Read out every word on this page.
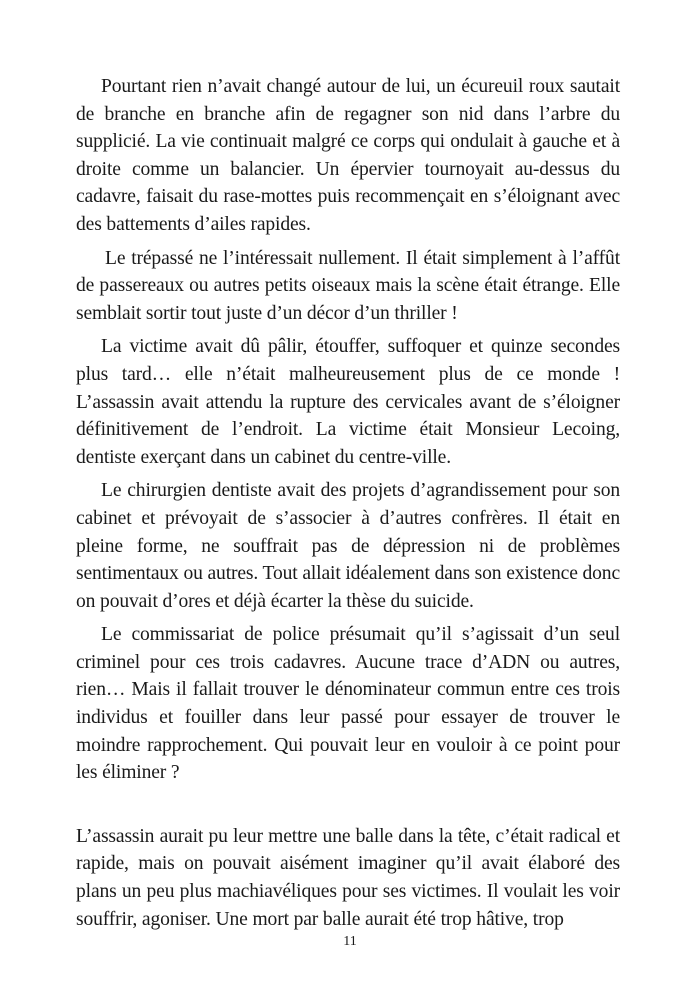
Pourtant rien n’avait changé autour de lui, un écureuil roux sautait de branche en branche afin de regagner son nid dans l’arbre du supplicié. La vie continuait malgré ce corps qui ondulait à gauche et à droite comme un balancier. Un épervier tournoyait au-dessus du cadavre, faisait du rase-mottes puis recommençait en s’éloignant avec des battements d’ailes rapides.

Le trépassé ne l’intéressait nullement. Il était simplement à l’affût de passereaux ou autres petits oiseaux mais la scène était étrange. Elle semblait sortir tout juste d’un décor d’un thriller !

La victime avait dû pâlir, étouffer, suffoquer et quinze secondes plus tard… elle n’était malheureusement plus de ce monde ! L’assassin avait attendu la rupture des cervicales avant de s’éloigner définitivement de l’endroit. La victime était Monsieur Lecoing, dentiste exerçant dans un cabinet du centre-ville.

Le chirurgien dentiste avait des projets d’agrandissement pour son cabinet et prévoyait de s’associer à d’autres confrères. Il était en pleine forme, ne souffrait pas de dépression ni de problèmes sentimentaux ou autres. Tout allait idéalement dans son existence donc on pouvait d’ores et déjà écarter la thèse du suicide.

Le commissariat de police présumait qu’il s’agissait d’un seul criminel pour ces trois cadavres. Aucune trace d’ADN ou autres, rien… Mais il fallait trouver le dénominateur commun entre ces trois individus et fouiller dans leur passé pour essayer de trouver le moindre rapprochement. Qui pouvait leur en vouloir à ce point pour les éliminer ?

L’assassin aurait pu leur mettre une balle dans la tête, c’était radical et rapide, mais on pouvait aisément imaginer qu’il avait élaboré des plans un peu plus machiavéliques pour ses victimes. Il voulait les voir souffrir, agoniser. Une mort par balle aurait été trop hâtive, trop

11
